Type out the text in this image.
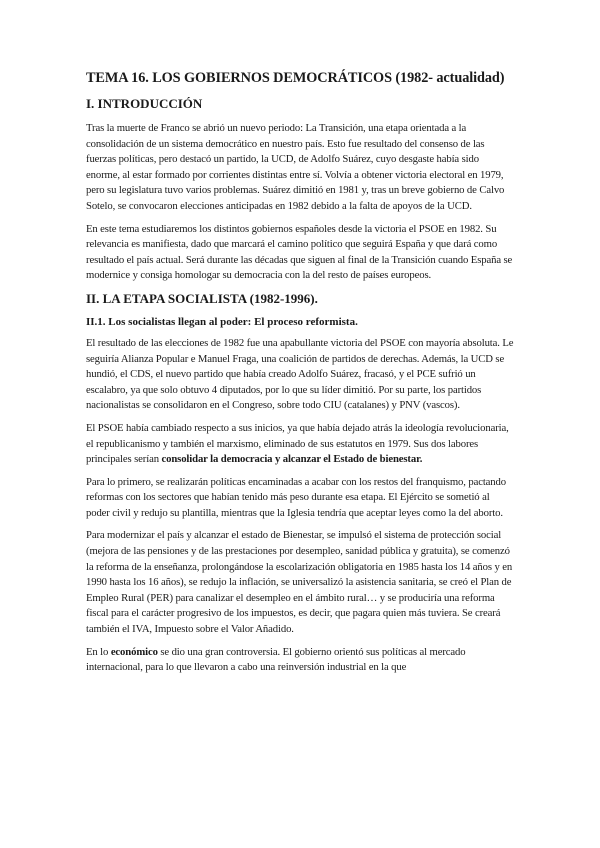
TEMA 16. LOS GOBIERNOS DEMOCRÁTICOS (1982- actualidad)
I. INTRODUCCIÓN

Tras la muerte de Franco se abrió un nuevo periodo: La Transición, una etapa orientada a la consolidación de un sistema democrático en nuestro país. Esto fue resultado del consenso de las fuerzas políticas, pero destacó un partido, la UCD, de Adolfo Suárez, cuyo desgaste había sido enorme, al estar formado por corrientes distintas entre sí. Volvía a obtener victoria electoral en 1979, pero su legislatura tuvo varios problemas. Suárez dimitió en 1981 y, tras un breve gobierno de Calvo Sotelo, se convocaron elecciones anticipadas en 1982 debido a la falta de apoyos de la UCD.

En este tema estudiaremos los distintos gobiernos españoles desde la victoria el PSOE en 1982. Su relevancia es manifiesta, dado que marcará el camino político que seguirá España y que dará como resultado el país actual. Será durante las décadas que siguen al final de la Transición cuando España se modernice y consiga homologar su democracia con la del resto de países europeos.

II. LA ETAPA SOCIALISTA (1982-1996).
II.1. Los socialistas llegan al poder: El proceso reformista.

El resultado de las elecciones de 1982 fue una apabullante victoria del PSOE con mayoría absoluta. Le seguiría Alianza Popular e Manuel Fraga, una coalición de partidos de derechas. Además, la UCD se hundió, el CDS, el nuevo partido que había creado Adolfo Suárez, fracasó, y el PCE sufrió un escalabro, ya que solo obtuvo 4 diputados, por lo que su líder dimitió. Por su parte, los partidos nacionalistas se consolidaron en el Congreso, sobre todo CIU (catalanes) y PNV (vascos).

El PSOE había cambiado respecto a sus inicios, ya que había dejado atrás la ideología revolucionaria, el republicanismo y también el marxismo, eliminado de sus estatutos en 1979. Sus dos labores principales serían consolidar la democracia y alcanzar el Estado de bienestar.

Para lo primero, se realizarán políticas encaminadas a acabar con los restos del franquismo, pactando reformas con los sectores que habían tenido más peso durante esa etapa. El Ejército se sometió al poder civil y redujo su plantilla, mientras que la Iglesia tendría que aceptar leyes como la del aborto.

Para modernizar el país y alcanzar el estado de Bienestar, se impulsó el sistema de protección social (mejora de las pensiones y de las prestaciones por desempleo, sanidad pública y gratuita), se comenzó la reforma de la enseñanza, prolongándose la escolarización obligatoria en 1985 hasta los 14 años y en 1990 hasta los 16 años), se redujo la inflación, se universalizó la asistencia sanitaria, se creó el Plan de Empleo Rural (PER) para canalizar el desempleo en el ámbito rural… y se produciría una reforma fiscal para el carácter progresivo de los impuestos, es decir, que pagara quien más tuviera. Se creará también el IVA, Impuesto sobre el Valor Añadido.

En lo económico se dio una gran controversia. El gobierno orientó sus políticas al mercado internacional, para lo que llevaron a cabo una reinversión industrial en la que
